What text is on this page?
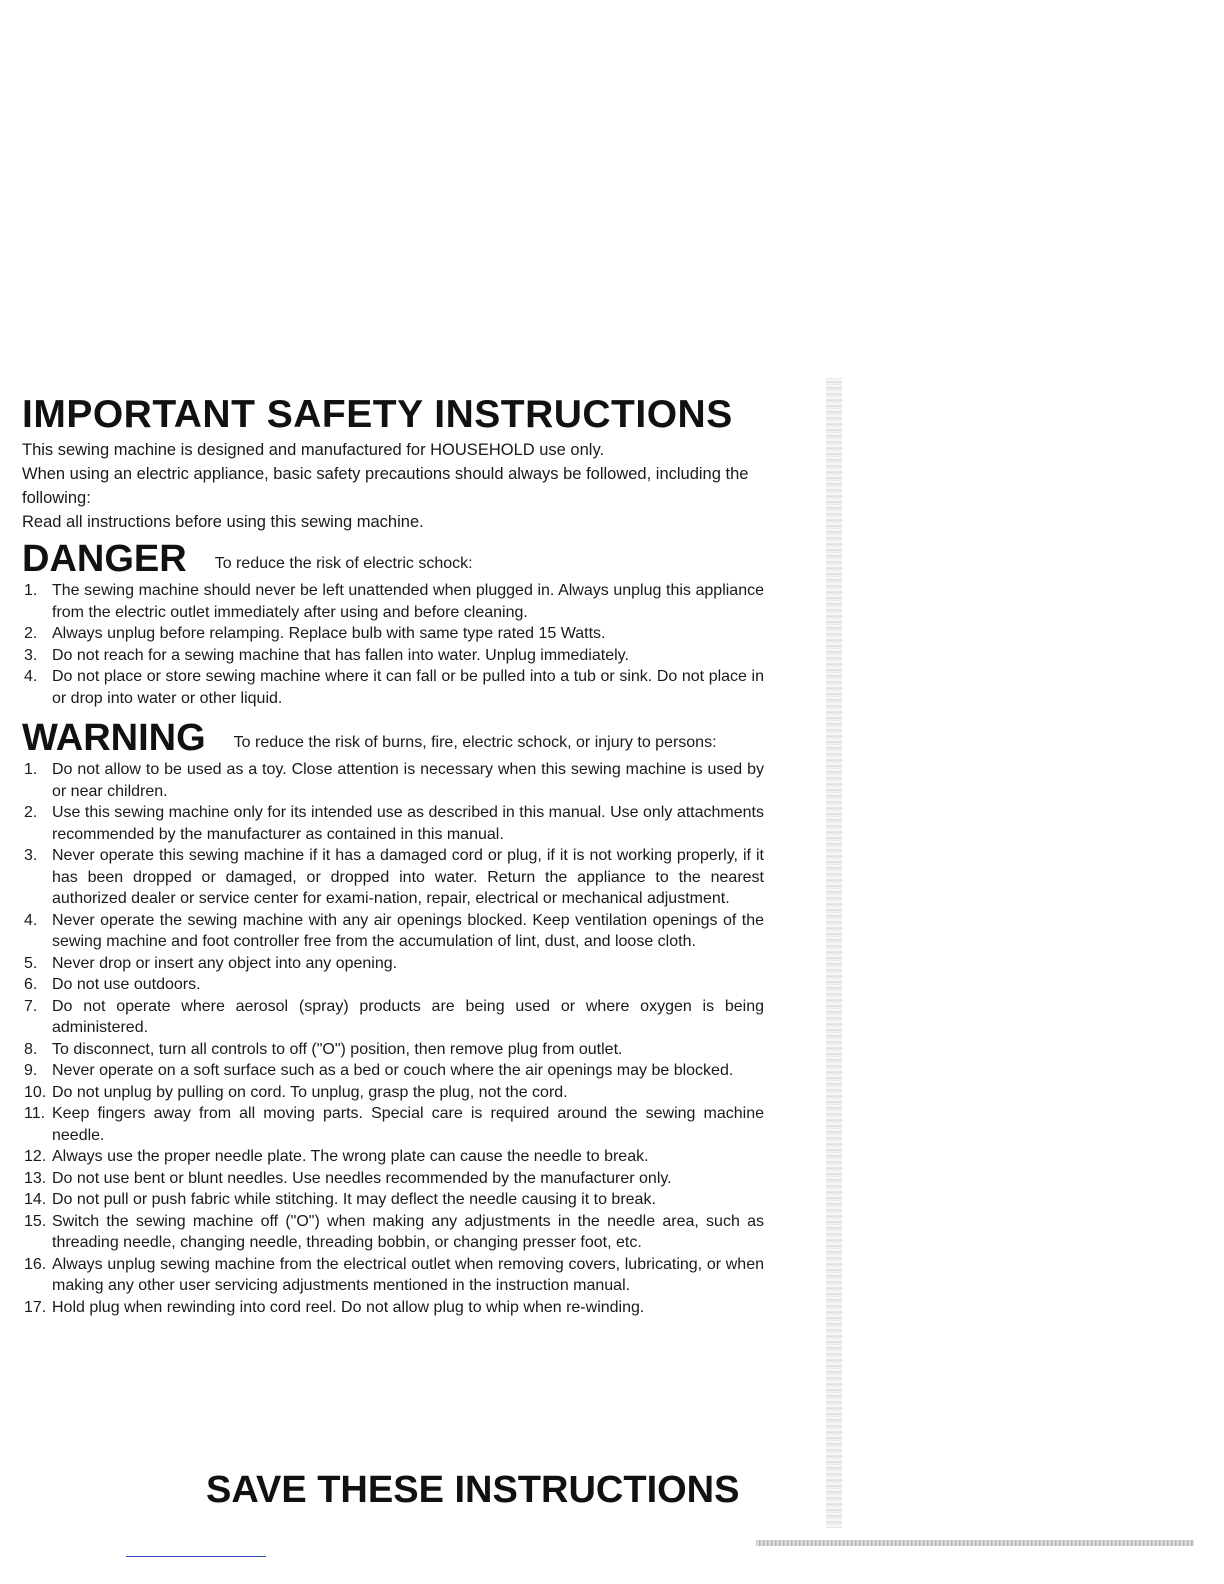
IMPORTANT SAFETY INSTRUCTIONS

This sewing machine is designed and manufactured for HOUSEHOLD use only.

When using an electric appliance, basic safety precautions should always be followed, including the following:

Read all instructions before using this sewing machine.

DANGER To reduce the risk of electric schock:
1. The sewing machine should never be left unattended when plugged in. Always unplug this appliance from the electric outlet immediately after using and before cleaning.
2. Always unplug before relamping. Replace bulb with same type rated 15 Watts.
3. Do not reach for a sewing machine that has fallen into water. Unplug immediately.
4. Do not place or store sewing machine where it can fall or be pulled into a tub or sink. Do not place in or drop into water or other liquid.
WARNING To reduce the risk of burns, fire, electric schock, or injury to persons:
1. Do not allow to be used as a toy. Close attention is necessary when this sewing machine is used by or near children.
2. Use this sewing machine only for its intended use as described in this manual. Use only attachments recommended by the manufacturer as contained in this manual.
3. Never operate this sewing machine if it has a damaged cord or plug, if it is not working properly, if it has been dropped or damaged, or dropped into water. Return the appliance to the nearest authorized dealer or service center for exami-nation, repair, electrical or mechanical adjustment.
4. Never operate the sewing machine with any air openings blocked. Keep ventilation openings of the sewing machine and foot controller free from the accumulation of lint, dust, and loose cloth.
5. Never drop or insert any object into any opening.
6. Do not use outdoors.
7. Do not operate where aerosol (spray) products are being used or where oxygen is being administered.
8. To disconnect, turn all controls to off ("O") position, then remove plug from outlet.
9. Never operate on a soft surface such as a bed or couch where the air openings may be blocked.
10. Do not unplug by pulling on cord. To unplug, grasp the plug, not the cord.
11. Keep fingers away from all moving parts. Special care is required around the sewing machine needle.
12. Always use the proper needle plate. The wrong plate can cause the needle to break.
13. Do not use bent or blunt needles. Use needles recommended by the manufacturer only.
14. Do not pull or push fabric while stitching. It may deflect the needle causing it to break.
15. Switch the sewing machine off ("O") when making any adjustments in the needle area, such as threading needle, changing needle, threading bobbin, or changing presser foot, etc.
16. Always unplug sewing machine from the electrical outlet when removing covers, lubricating, or when making any other user servicing adjustments mentioned in the instruction manual.
17. Hold plug when rewinding into cord reel. Do not allow plug to whip when re-winding.
SAVE THESE INSTRUCTIONS
